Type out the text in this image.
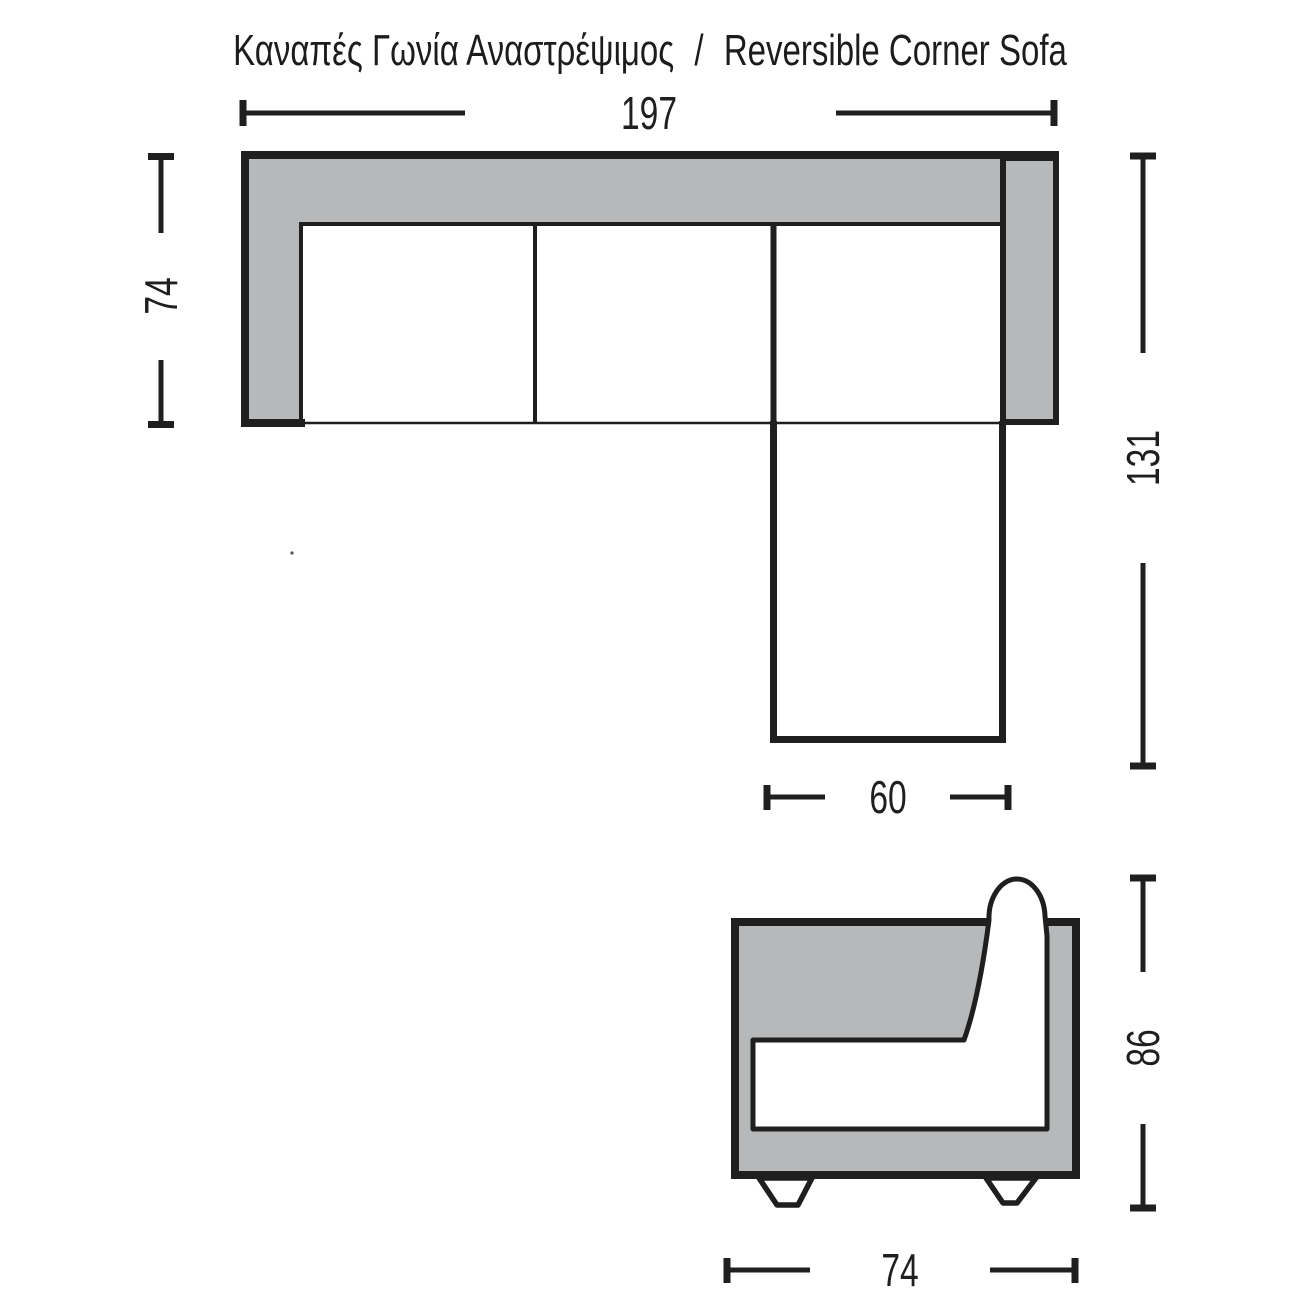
Καναπές Γωνία Αναστρέψιμος / Reversible Corner Sofa
197
74
131
60
86
74
